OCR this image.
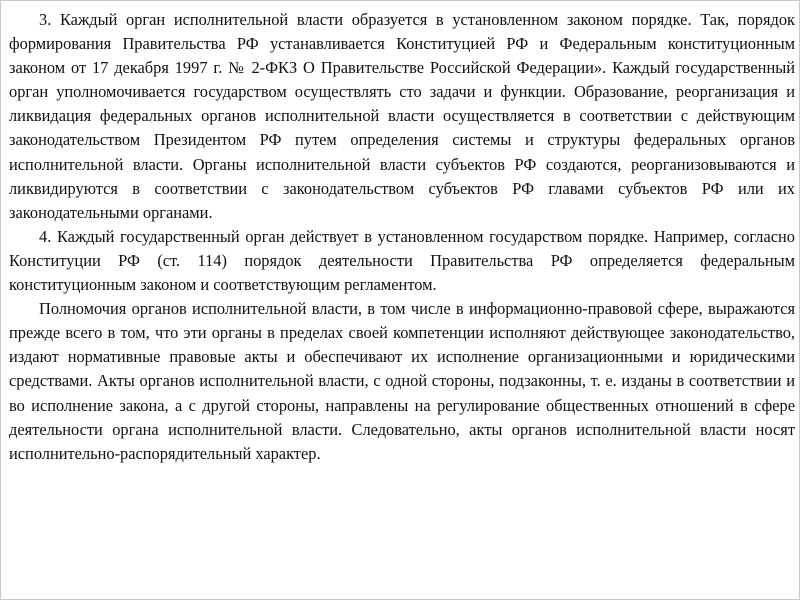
3. Каждый орган исполнительной власти образуется в установленном законом порядке. Так, порядок формирования Правительства РФ устанавливается Конституцией РФ и Федеральным конституционным законом от 17 декабря 1997 г. № 2-ФКЗ О Правительстве Российской Федерации». Каждый государственный орган уполномочивается государством осуществлять сто задачи и функции. Образование, реорганизация и ликвидация федеральных органов исполнительной власти осуществляется в соответствии с действующим законодательством Президентом РФ путем определения системы и структуры федеральных органов исполнительной власти. Органы исполнительной власти субъектов РФ создаются, реорганизовываются и ликвидируются в соответствии с законодательством субъектов РФ главами субъектов РФ или их законодательными органами.

4. Каждый государственный орган действует в установленном государством порядке. Например, согласно Конституции РФ (ст. 114) порядок деятельности Правительства РФ определяется федеральным конституционным законом и соответствующим регламентом.

Полномочия органов исполнительной власти, в том числе в информационно-правовой сфере, выражаются прежде всего в том, что эти органы в пределах своей компетенции исполняют действующее законодательство, издают нормативные правовые акты и обеспечивают их исполнение организационными и юридическими средствами. Акты органов исполнительной власти, с одной стороны, подзаконны, т. е. изданы в соответствии и во исполнение закона, а с другой стороны, направлены на регулирование общественных отношений в сфере деятельности органа исполнительной власти. Следовательно, акты органов исполнительной власти носят исполнительно-распорядительный характер.
